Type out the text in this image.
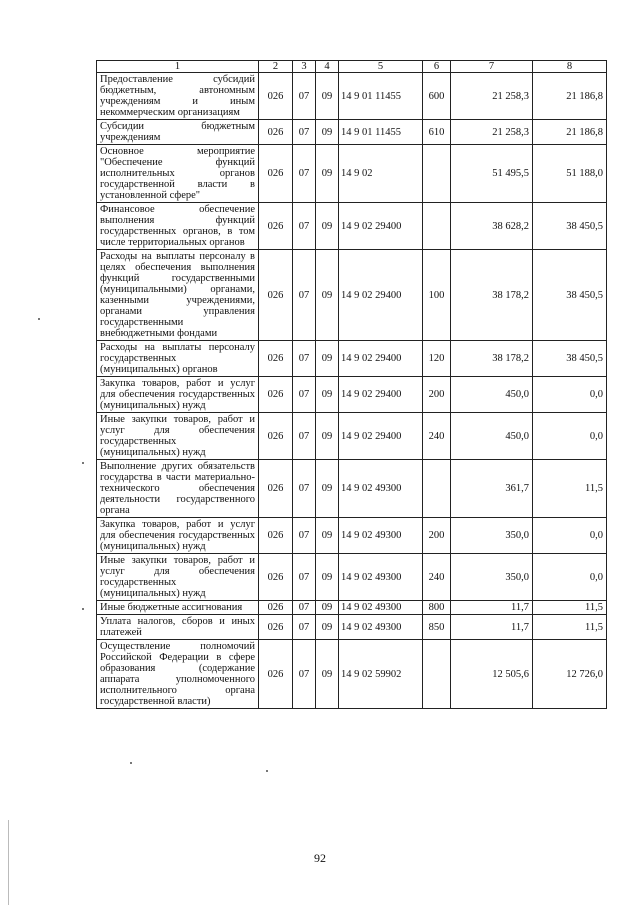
1	2	3	4	5	6	7	8
Предоставление субсидий бюджетным, автономным учреждениям и иным некоммерческим организациям	026	07	09	14 9 01 11455	600	21 258,3	21 186,8
Субсидии бюджетным учреждениям	026	07	09	14 9 01 11455	610	21 258,3	21 186,8
Основное мероприятие "Обеспечение функций исполнительных органов государственной власти в установленной сфере"	026	07	09	14 9 02		51 495,5	51 188,0
Финансовое обеспечение выполнения функций государственных органов, в том числе территориальных органов	026	07	09	14 9 02 29400		38 628,2	38 450,5
Расходы на выплаты персоналу в целях обеспечения выполнения функций государственными (муниципальными) органами, казенными учреждениями, органами управления государственными внебюджетными фондами	026	07	09	14 9 02 29400	100	38 178,2	38 450,5
Расходы на выплаты персоналу государственных (муниципальных) органов	026	07	09	14 9 02 29400	120	38 178,2	38 450,5
Закупка товаров, работ и услуг для обеспечения государственных (муниципальных) нужд	026	07	09	14 9 02 29400	200	450,0	0,0
Иные закупки товаров, работ и услуг для обеспечения государственных (муниципальных) нужд	026	07	09	14 9 02 29400	240	450,0	0,0
Выполнение других обязательств государства в части материально-технического обеспечения деятельности государственного органа	026	07	09	14 9 02 49300		361,7	11,5
Закупка товаров, работ и услуг для обеспечения государственных (муниципальных) нужд	026	07	09	14 9 02 49300	200	350,0	0,0
Иные закупки товаров, работ и услуг для обеспечения государственных (муниципальных) нужд	026	07	09	14 9 02 49300	240	350,0	0,0
Иные бюджетные ассигнования	026	07	09	14 9 02 49300	800	11,7	11,5
Уплата налогов, сборов и иных платежей	026	07	09	14 9 02 49300	850	11,7	11,5
Осуществление полномочий Российской Федерации в сфере образования (содержание аппарата уполномоченного исполнительного органа государственной власти)	026	07	09	14 9 02 59902		12 505,6	12 726,0
92
